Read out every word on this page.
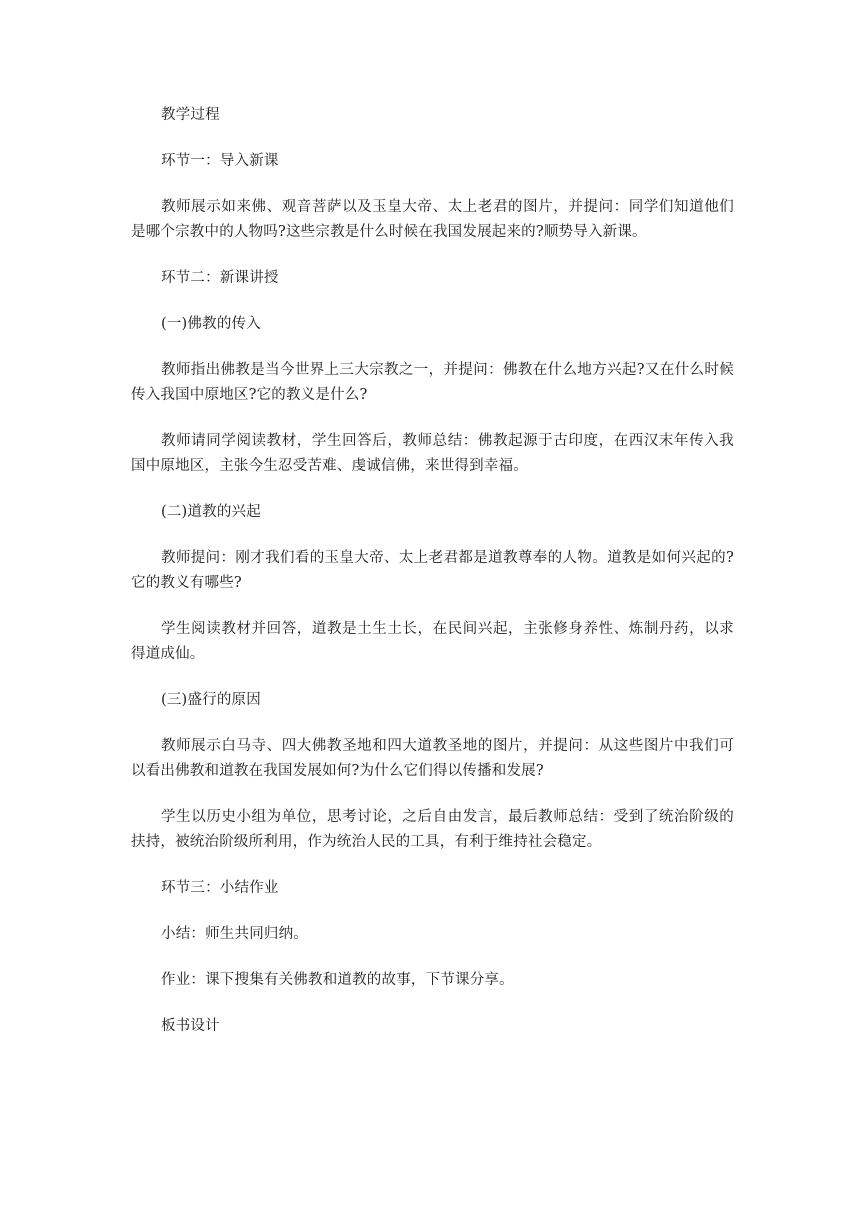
教学过程

环节一：导入新课

教师展示如来佛、观音菩萨以及玉皇大帝、太上老君的图片，并提问：同学们知道他们是哪个宗教中的人物吗?这些宗教是什么时候在我国发展起来的?顺势导入新课。

环节二：新课讲授

(一)佛教的传入

教师指出佛教是当今世界上三大宗教之一，并提问：佛教在什么地方兴起?又在什么时候传入我国中原地区?它的教义是什么?

教师请同学阅读教材，学生回答后，教师总结：佛教起源于古印度，在西汉末年传入我国中原地区，主张今生忍受苦难、虔诚信佛，来世得到幸福。

(二)道教的兴起

教师提问：刚才我们看的玉皇大帝、太上老君都是道教尊奉的人物。道教是如何兴起的?它的教义有哪些?

学生阅读教材并回答，道教是土生土长，在民间兴起，主张修身养性、炼制丹药，以求得道成仙。

(三)盛行的原因

教师展示白马寺、四大佛教圣地和四大道教圣地的图片，并提问：从这些图片中我们可以看出佛教和道教在我国发展如何?为什么它们得以传播和发展?

学生以历史小组为单位，思考讨论，之后自由发言，最后教师总结：受到了统治阶级的扶持，被统治阶级所利用，作为统治人民的工具，有利于维持社会稳定。

环节三：小结作业

小结：师生共同归纳。

作业：课下搜集有关佛教和道教的故事，下节课分享。

板书设计
